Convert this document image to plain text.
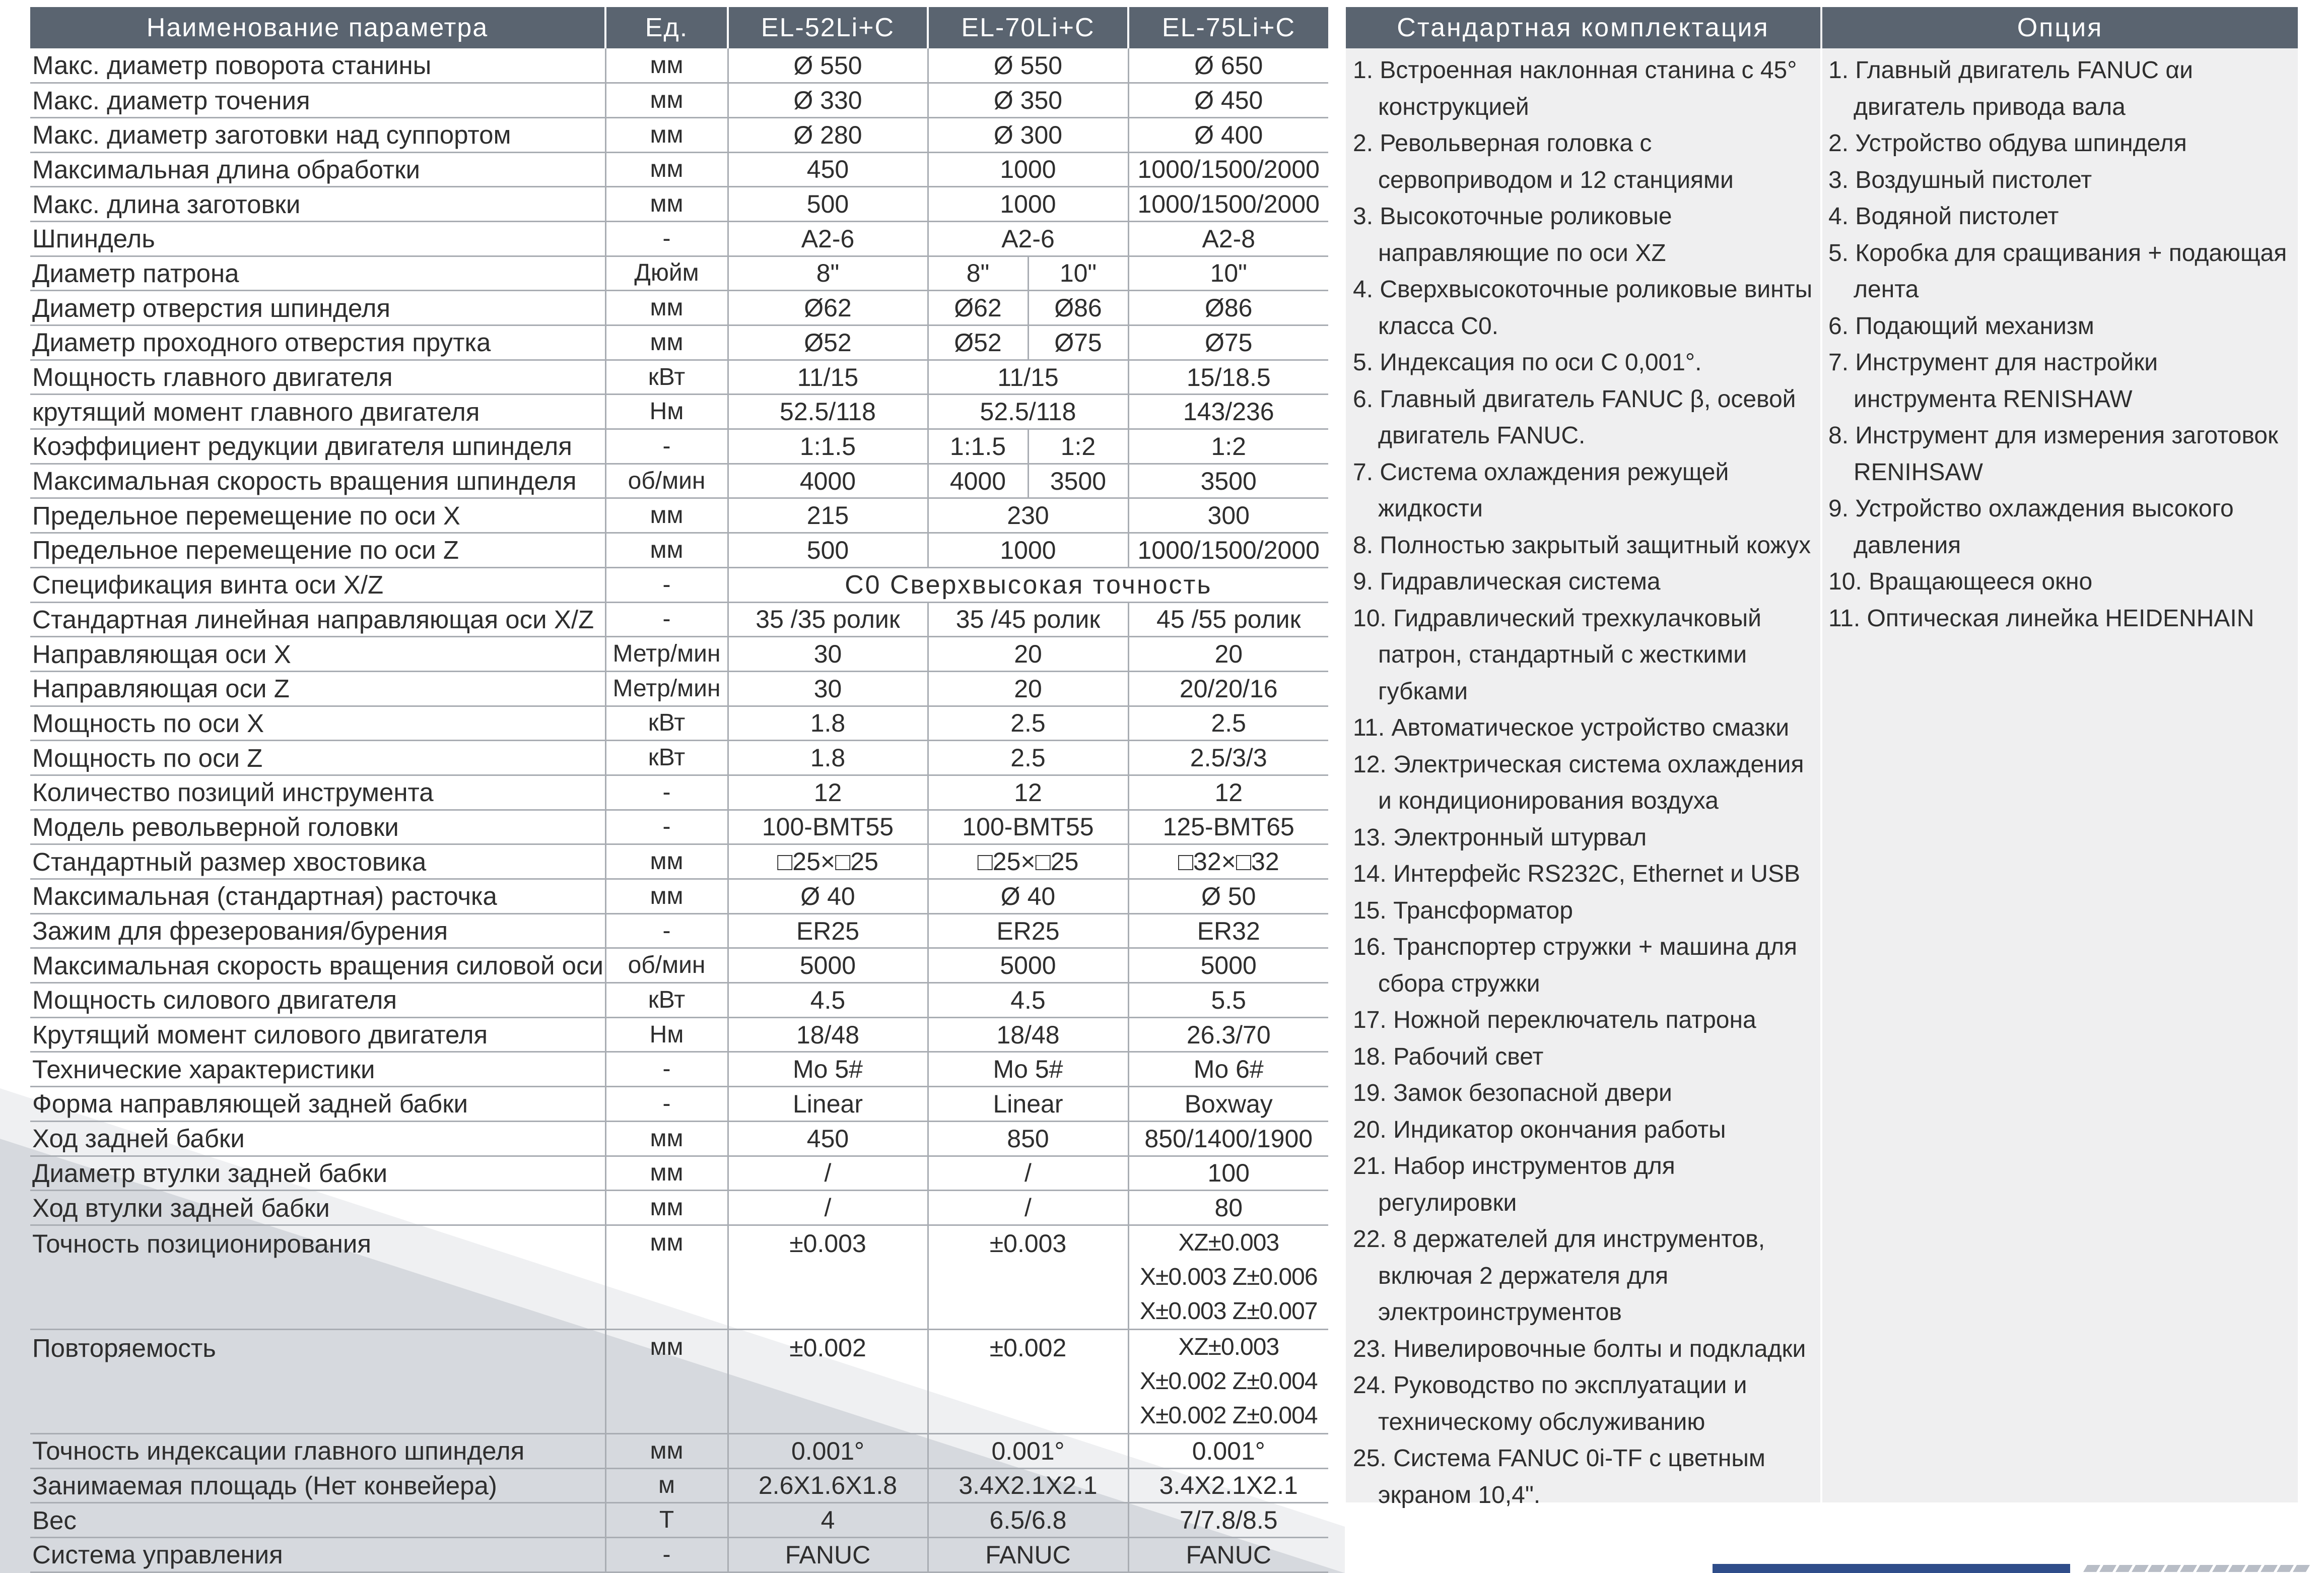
Наименование параметра	Ед.	EL-52Li+C	EL-70Li+C	EL-75Li+C
Макс. диаметр поворота станины	мм	Ø 550	Ø 550	Ø 650
Макс. диаметр точения	мм	Ø 330	Ø 350	Ø 450
Макс. диаметр заготовки над суппортом	мм	Ø 280	Ø 300	Ø 400
Максимальная длина обработки	мм	450	1000	1000/1500/2000
Макс. длина заготовки	мм	500	1000	1000/1500/2000
Шпиндель	-	A2-6	A2-6	A2-8
Диаметр патрона	Дюйм	8"	8" 10"	10"
Диаметр отверстия шпинделя	мм	Ø62	Ø62 Ø86	Ø86
Диаметр проходного отверстия прутка	мм	Ø52	Ø52 Ø75	Ø75
Мощность главного двигателя	кВт	11/15	11/15	15/18.5
крутящий момент главного двигателя	Нм	52.5/118	52.5/118	143/236
Коэффициент редукции двигателя шпинделя	-	1:1.5	1:1.5 1:2	1:2
Максимальная скорость вращения шпинделя	об/мин	4000	4000 3500	3500
Предельное перемещение по оси X	мм	215	230	300
Предельное перемещение по оси Z	мм	500	1000	1000/1500/2000
Спецификация винта оси X/Z	-	C0 Сверхвысокая точность		
Стандартная линейная направляющая оси X/Z	-	35 /35 ролик	35 /45 ролик	45 /55 ролик
Направляющая оси X	Метр/мин	30	20	20
Направляющая оси Z	Метр/мин	30	20	20/20/16
Мощность по оси X	кВт	1.8	2.5	2.5
Мощность по оси Z	кВт	1.8	2.5	2.5/3/3
Количество позиций инструмента	-	12	12	12
Модель револьверной головки	-	100-BMT55	100-BMT55	125-BMT65
Стандартный размер хвостовика	мм	□25×□25	□25×□25	□32×□32
Максимальная (стандартная) расточка	мм	Ø 40	Ø 40	Ø 50
Зажим для фрезерования/бурения	-	ER25	ER25	ER32
Максимальная скорость вращения силовой оси	об/мин	5000	5000	5000
Мощность силового двигателя	кВт	4.5	4.5	5.5
Крутящий момент силового двигателя	Нм	18/48	18/48	26.3/70
Технические характеристики	-	Mo 5#	Mo 5#	Mo 6#
Форма направляющей задней бабки	-	Linear	Linear	Boxway
Ход задней бабки	мм	450	850	850/1400/1900
Диаметр втулки задней бабки	мм	/	/	100
Ход втулки задней бабки	мм	/	/	80
Точность позиционирования	мм	±0.003	±0.003	XZ±0.003
X±0.003 Z±0.006
X±0.003 Z±0.007

Повторяемость	мм	±0.002	±0.002	XZ±0.003
X±0.002 Z±0.004
X±0.002 Z±0.004

Точность индексации главного шпинделя	мм	0.001°	0.001°	0.001°
Занимаемая площадь (Нет конвейера)	м	2.6X1.6X1.8	3.4X2.1X2.1	3.4X2.1X2.1
Вес	T	4	6.5/6.8	7/7.8/8.5
Система управления	-	FANUC	FANUC	FANUC
Стандартная комплектация	Опция
1. Встроенная наклонная станина с 45° конструкцией
2. Револьверная головка с сервоприводом и 12 станциями
3. Высокоточные роликовые направляющие по оси XZ
4. Сверхвысокоточные роликовые винты класса C0.
5. Индексация по оси C 0,001°.
6. Главный двигатель FANUC β, осевой двигатель FANUC.
7. Система охлаждения режущей жидкости
8. Полностью закрытый защитный кожух
9. Гидравлическая система
10. Гидравлический трехкулачковый патрон, стандартный с жесткими губками
11. Автоматическое устройство смазки
12. Электрическая система охлаждения и кондиционирования воздуха
13. Электронный штурвал
14. Интерфейс RS232C, Ethernet и USB
15. Трансформатор
16. Транспортер стружки + машина для сбора стружки
17. Ножной переключатель патрона
18. Рабочий свет
19. Замок безопасной двери
20. Индикатор окончания работы
21. Набор инструментов для регулировки
22. 8 держателей для инструментов, включая 2 держателя для электроинструментов
23. Нивелировочные болты и подкладки
24. Руководство по эксплуатации и техническому обслуживанию
25. Система FANUC 0i-TF с цветным экраном 10,4".
1. Главный двигатель FANUC αи двигатель привода вала
2. Устройство обдува шпинделя
3. Воздушный пистолет
4. Водяной пистолет
5. Коробка для сращивания + подающая лента
6. Подающий механизм
7. Инструмент для настройки инструмента RENISHAW
8. Инструмент для измерения заготовок RENIHSAW
9. Устройство охлаждения высокого давления
10. Вращающееся окно
11. Оптическая линейка HEIDENHAIN
